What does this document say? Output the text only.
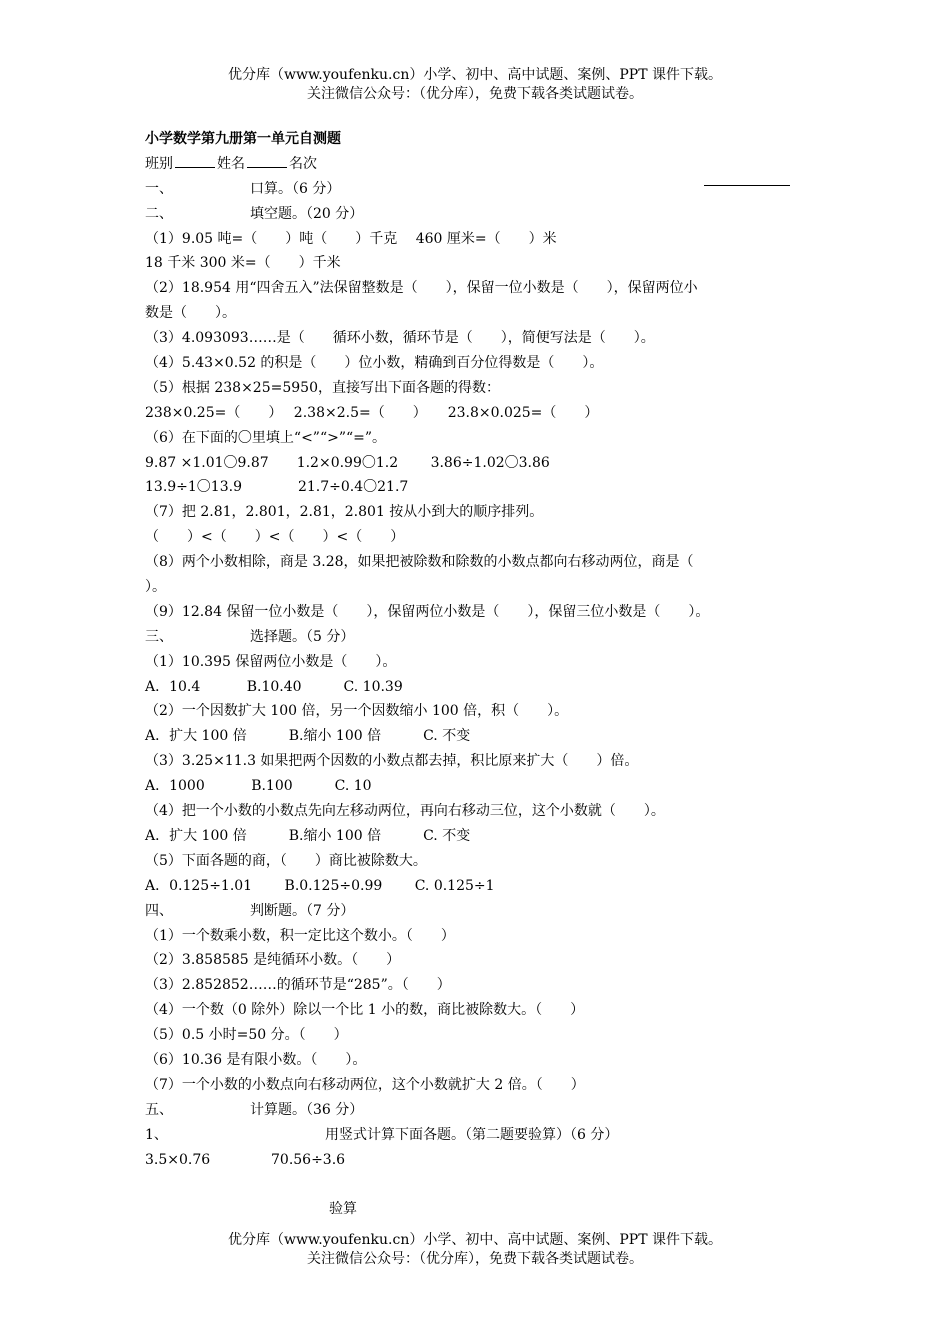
优分库（www.youfenku.cn）小学、初中、高中试题、案例、PPT 课件下载。
关注微信公众号：（优分库），免费下载各类试题试卷。
小学数学第九册第一单元自测题
班别	姓名	名次
一、	口算。（6 分）
二、	填空题。（20 分）
（1）9.05 吨=（　　）吨（　　）千克　 460 厘米=（　　）米
18 千米 300 米=（　　）千米
（2）18.954 用“四舍五入”法保留整数是（　　），保留一位小数是（　　），保留两位小
数是（　　）。
（3）4.093093……是（　　循环小数，循环节是（　　），简便写法是（　　）。
（4）5.43×0.52 的积是（　　）位小数，精确到百分位得数是（　　）。
（5）根据 238×25=5950，直接写出下面各题的得数：
238×0.25=（　　）　 2.38×2.5=（　　）　　23.8×0.025=（　　）
（6）在下面的〇里填上“<”“>”“=”。
9.87 ×1.01〇9.87　　1.2×0.99〇1.2　　 3.86÷1.02〇3.86
13.9÷1〇13.9　　　　21.7÷0.4〇21.7
（7）把 2.81，2.801，2.81，2.801 按从小到大的顺序排列。
（　　）<（　　）<（　　）<（　　）
（8）两个小数相除，商是 3.28，如果把被除数和除数的小数点都向右移动两位，商是（
）。
（9）12.84 保留一位小数是（　　），保留两位小数是（　　），保留三位小数是（　　）。
三、	选择题。（5 分）
（1）10.395 保留两位小数是（　　）。
A．10.4　　　 B.10.40　　　C. 10.39
（2）一个因数扩大 100 倍，另一个因数缩小 100 倍，积（　　）。
A．扩大 100 倍　　　B.缩小 100 倍　　　C. 不变
（3）3.25×11.3 如果把两个因数的小数点都去掉，积比原来扩大（　　）倍。
A．1000　　　 B.100　　　C. 10
（4）把一个小数的小数点先向左移动两位，再向右移动三位，这个小数就（　　）。
A．扩大 100 倍　　　B.缩小 100 倍　　　C. 不变
（5）下面各题的商，（　　）商比被除数大。
A．0.125÷1.01　　 B.0.125÷0.99　　 C. 0.125÷1
四、	判断题。（7 分）
（1）一个数乘小数，积一定比这个数小。（　　）
（2）3.858585 是纯循环小数。（　　）
（3）2.852852……的循环节是“285”。（　　）
（4）一个数（0 除外）除以一个比 1 小的数，商比被除数大。（　　）
（5）0.5 小时=50 分。（　　）
（6）10.36 是有限小数。（　　）。
（7）一个小数的小数点向右移动两位，这个小数就扩大 2 倍。（　　）
五、	计算题。（36 分）
1、	用竖式计算下面各题。（第二题要验算）（6 分）
3.5×0.76	70.56÷3.6
验算
优分库（www.youfenku.cn）小学、初中、高中试题、案例、PPT 课件下载。
关注微信公众号：（优分库），免费下载各类试题试卷。
